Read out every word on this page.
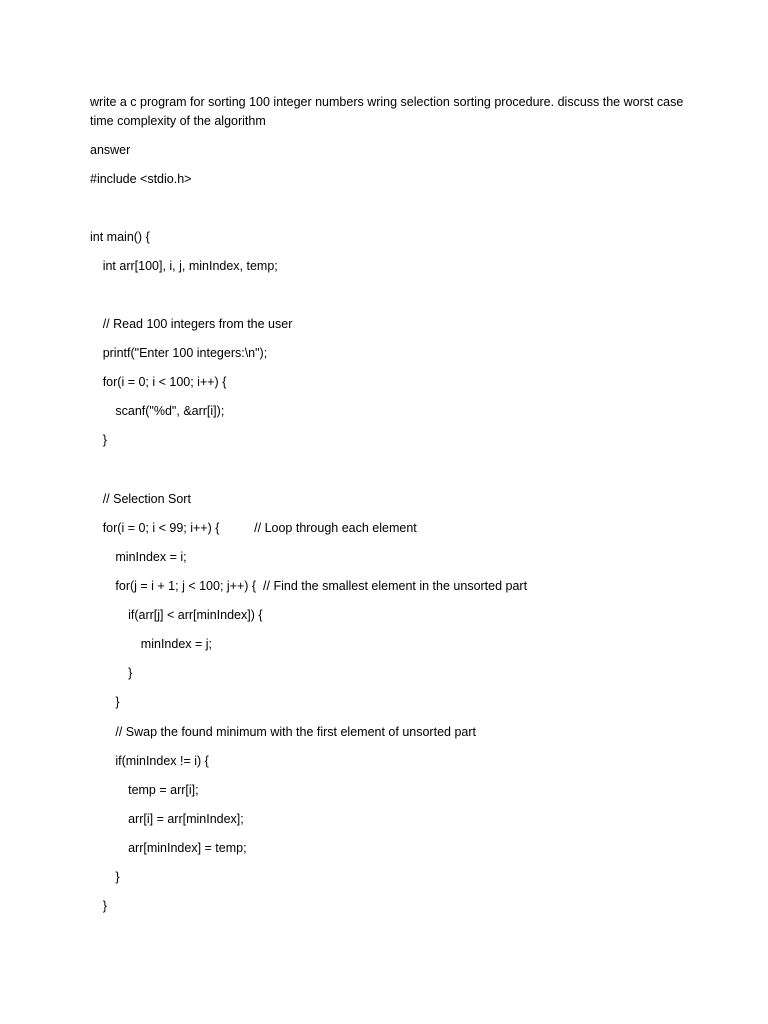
write a c program for sorting 100 integer numbers wring selection sorting procedure. discuss the worst case time complexity of the algorithm
answer
#include <stdio.h>
int main() {
int arr[100], i, j, minIndex, temp;
// Read 100 integers from the user
printf("Enter 100 integers:\n");
for(i = 0; i < 100; i++) {
scanf("%d", &arr[i]);
}
// Selection Sort
for(i = 0; i < 99; i++) {          // Loop through each element
minIndex = i;
for(j = i + 1; j < 100; j++) {  // Find the smallest element in the unsorted part
if(arr[j] < arr[minIndex]) {
minIndex = j;
}
}
// Swap the found minimum with the first element of unsorted part
if(minIndex != i) {
temp = arr[i];
arr[i] = arr[minIndex];
arr[minIndex] = temp;
}
}
